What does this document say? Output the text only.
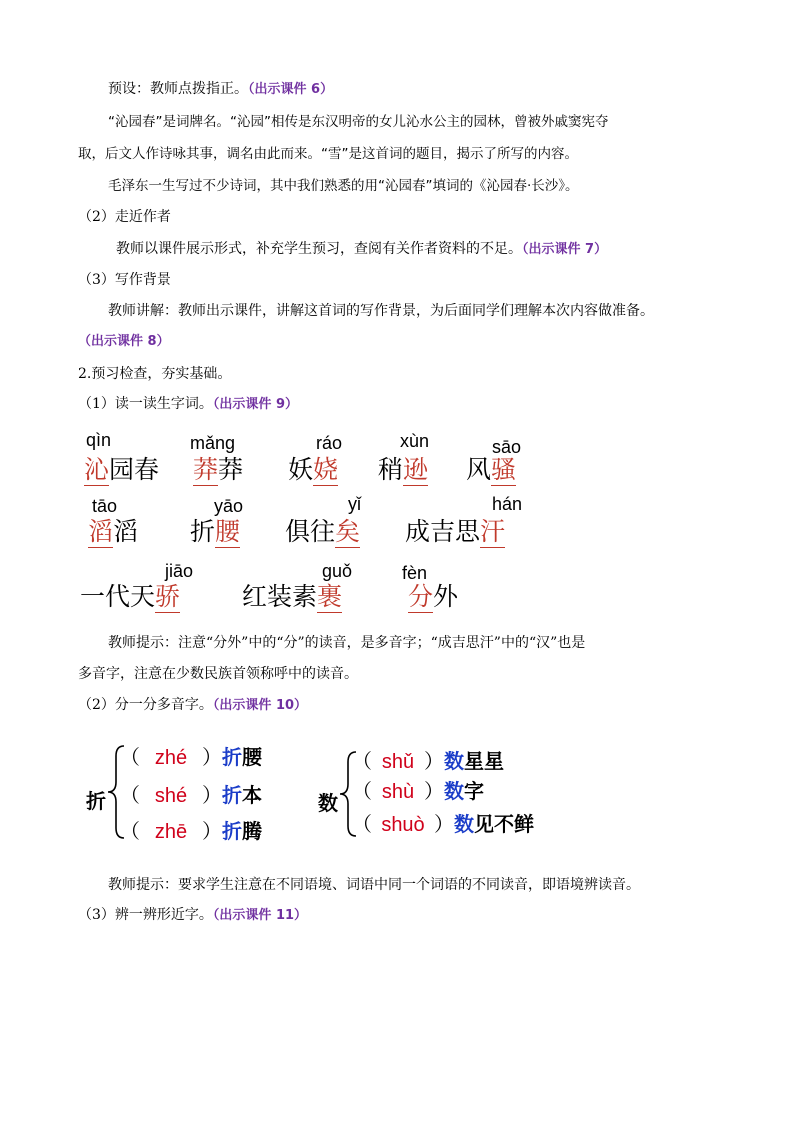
预设：教师点拨指正。（出示课件 6）
“沁园春”是词牌名。“沁园”相传是东汉明帝的女儿沁水公主的园林，曾被外戚窦宪夺
取，后文人作诗咏其事，调名由此而来。“雪”是这首词的题目，揭示了所写的内容。
毛泽东一生写过不少诗词，其中我们熟悉的用“沁园春”填词的《沁园春·长沙》。
（2）走近作者
教师以课件展示形式，补充学生预习，查阅有关作者资料的不足。（出示课件 7）
（3）写作背景
教师讲解：教师出示课件，讲解这首词的写作背景，为后面同学们理解本次内容做准备。
（出示课件 8）
2.预习检查，夯实基础。
（1）读一读生字词。（出示课件 9）
qìn
沁园春
mǎng
莽莽
ráo
妖娆
xùn
稍逊
sāo
风骚
tāo
滔滔
yāo
折腰
yǐ
俱往矣
hán
成吉思汗
jiāo
一代天骄
guǒ
红装素裹
fèn
分外
教师提示：注意“分外”中的“分”的读音，是多音字；“成吉思汗”中的“汉”也是
多音字，注意在少数民族首领称呼中的读音。
（2）分一分多音字。（出示课件 10）
折
（ zhé ）折腰
（ shé ）折本
（ zhē ）折腾
数
（ shǔ ）数星星
（ shù ）数字
（ shuò ）数见不鲜
教师提示：要求学生注意在不同语境、词语中同一个词语的不同读音，即语境辨读音。
（3）辨一辨形近字。（出示课件 11）
